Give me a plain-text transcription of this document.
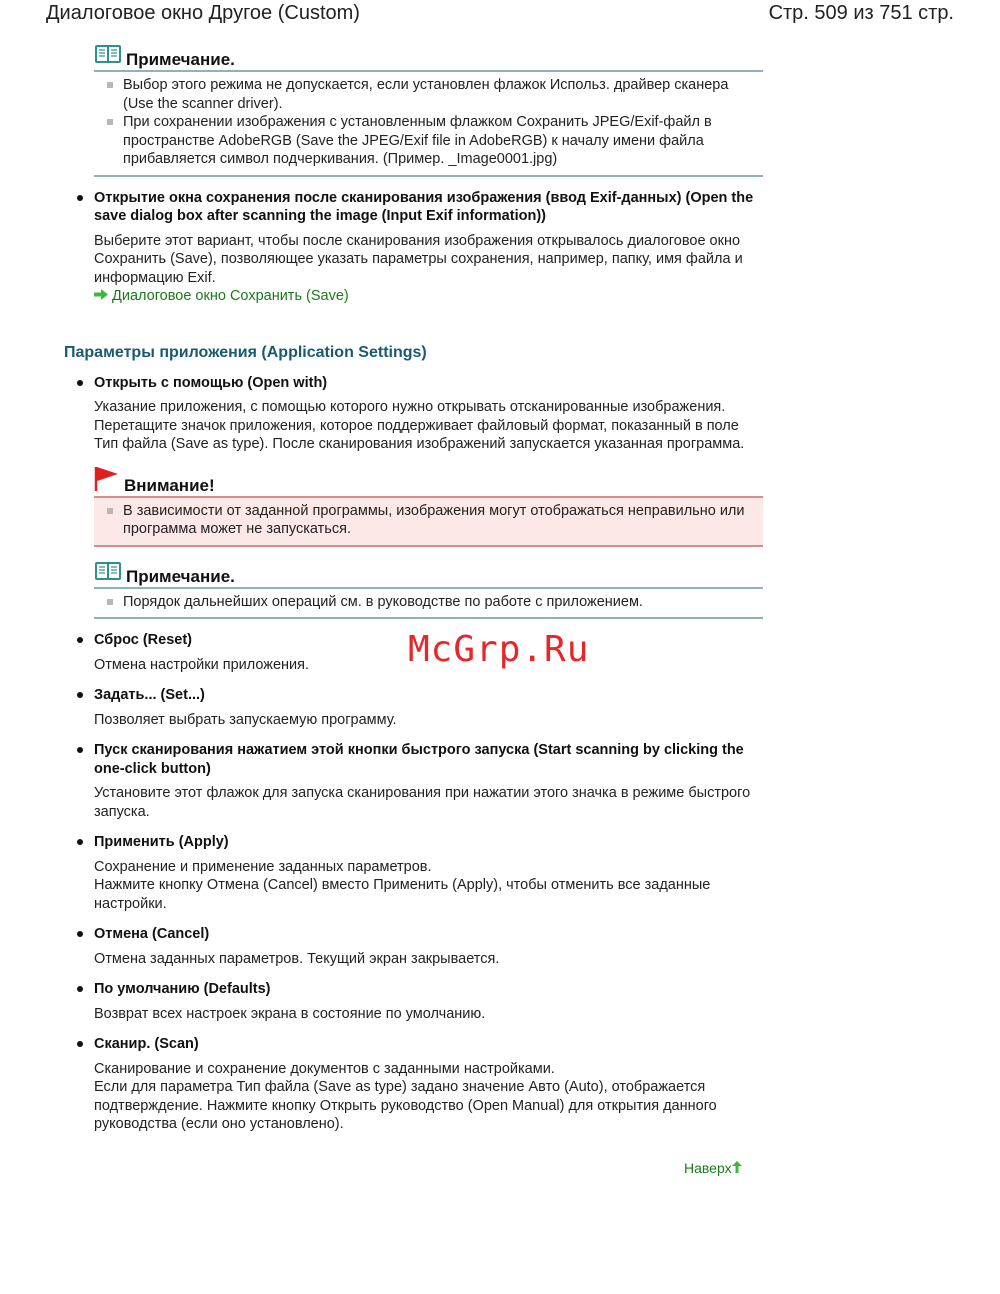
Диалоговое окно Другое (Custom)	Стр. 509 из 751 стр.
Примечание.
Выбор этого режима не допускается, если установлен флажок Использ. драйвер сканера (Use the scanner driver).
При сохранении изображения с установленным флажком Сохранить JPEG/Exif-файл в пространстве AdobeRGB (Save the JPEG/Exif file in AdobeRGB) к началу имени файла прибавляется символ подчеркивания. (Пример. _Image0001.jpg)
Открытие окна сохранения после сканирования изображения (ввод Exif-данных) (Open the save dialog box after scanning the image (Input Exif information))
Выберите этот вариант, чтобы после сканирования изображения открывалось диалоговое окно Сохранить (Save), позволяющее указать параметры сохранения, например, папку, имя файла и информацию Exif.
Диалоговое окно Сохранить (Save)
Параметры приложения (Application Settings)
Открыть с помощью (Open with)
Указание приложения, с помощью которого нужно открывать отсканированные изображения. Перетащите значок приложения, которое поддерживает файловый формат, показанный в поле Тип файла (Save as type). После сканирования изображений запускается указанная программа.
Внимание!
В зависимости от заданной программы, изображения могут отображаться неправильно или программа может не запускаться.
Примечание.
Порядок дальнейших операций см. в руководстве по работе с приложением.
Сброс (Reset)
Отмена настройки приложения.
Задать... (Set...)
Позволяет выбрать запускаемую программу.
Пуск сканирования нажатием этой кнопки быстрого запуска (Start scanning by clicking the one-click button)
Установите этот флажок для запуска сканирования при нажатии этого значка в режиме быстрого запуска.
Применить (Apply)
Сохранение и применение заданных параметров.
Нажмите кнопку Отмена (Cancel) вместо Применить (Apply), чтобы отменить все заданные настройки.
Отмена (Cancel)
Отмена заданных параметров. Текущий экран закрывается.
По умолчанию (Defaults)
Возврат всех настроек экрана в состояние по умолчанию.
Сканир. (Scan)
Сканирование и сохранение документов с заданными настройками.
Если для параметра Тип файла (Save as type) задано значение Авто (Auto), отображается подтверждение. Нажмите кнопку Открыть руководство (Open Manual) для открытия данного руководства (если оно установлено).
McGrp.Ru
Наверх
